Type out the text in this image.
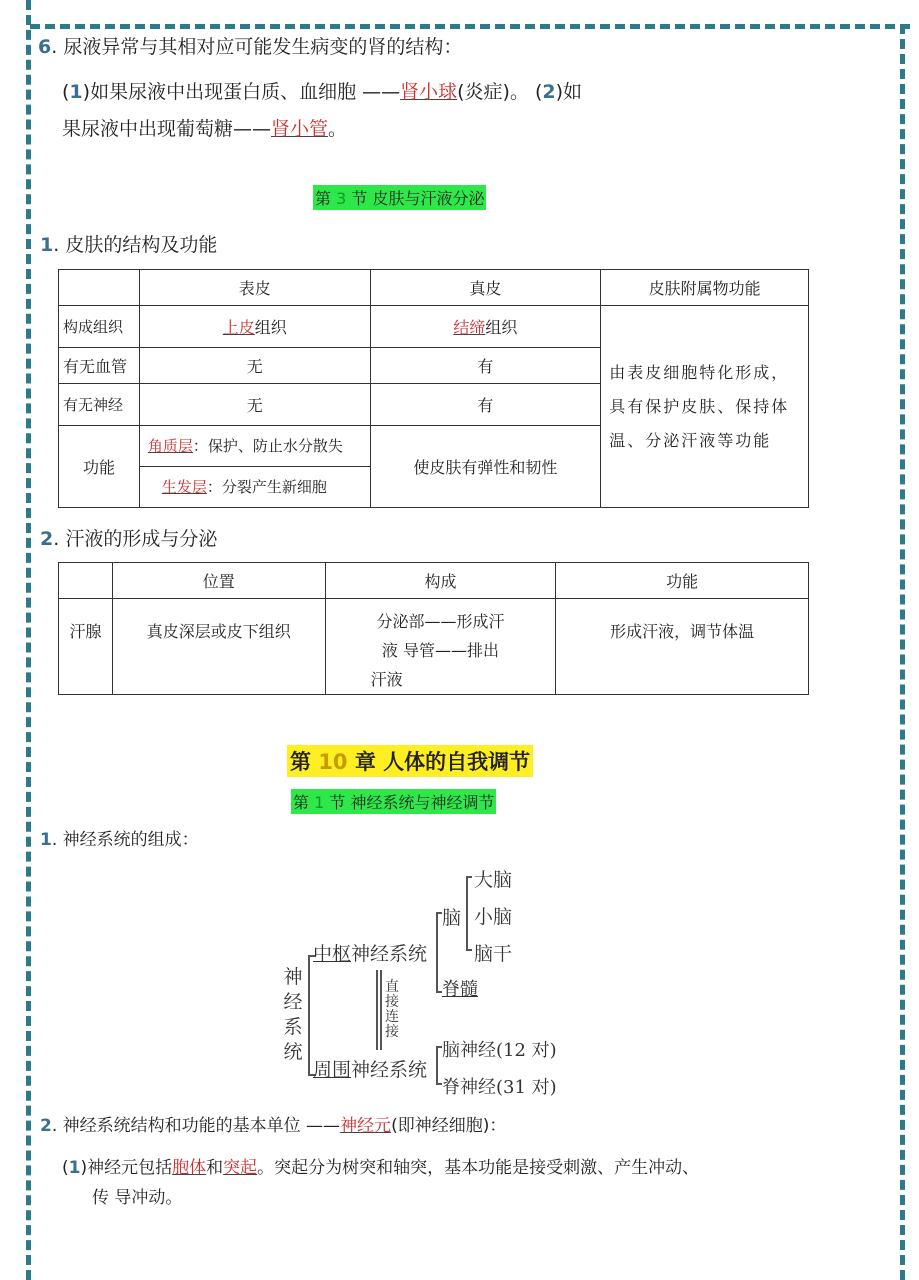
6. 尿液异常与其相对应可能发生病变的肾的结构：
(1)如果尿液中出现蛋白质、血细胞 ——肾小球(炎症)。 (2)如
果尿液中出现葡萄糖——肾小管。
第 3 节 皮肤与汗液分泌
1. 皮肤的结构及功能
	表皮	真皮	皮肤附属物功能
构成组织	上皮组织	结缔组织	由表皮细胞特化形成，具有保护皮肤、保持体 温、分泌汗液等功能
有无血管	无	有	
有无神经	无	有	
功能	角质层：保护、防止水分散失
生发层：分裂产生新细胞	使皮肤有弹性和韧性	
2. 汗液的形成与分泌
	位置	构成	功能
汗腺	真皮深层或皮下组织	分泌部——形成汗
液 导管——排出
汗液	形成汗液，调节体温
第 10 章 人体的自我调节
第 1 节 神经系统与神经调节
1. 神经系统的组成：
神经系统
中枢神经系统
脑
大脑
小脑
脑干
脊髓
直接连接
周围神经系统
脑神经(12 对)
脊神经(31 对)
2. 神经系统结构和功能的基本单位 ——神经元(即神经细胞)：
(1)神经元包括胞体和突起。突起分为树突和轴突，基本功能是接受刺激、产生冲动、
传 导冲动。
